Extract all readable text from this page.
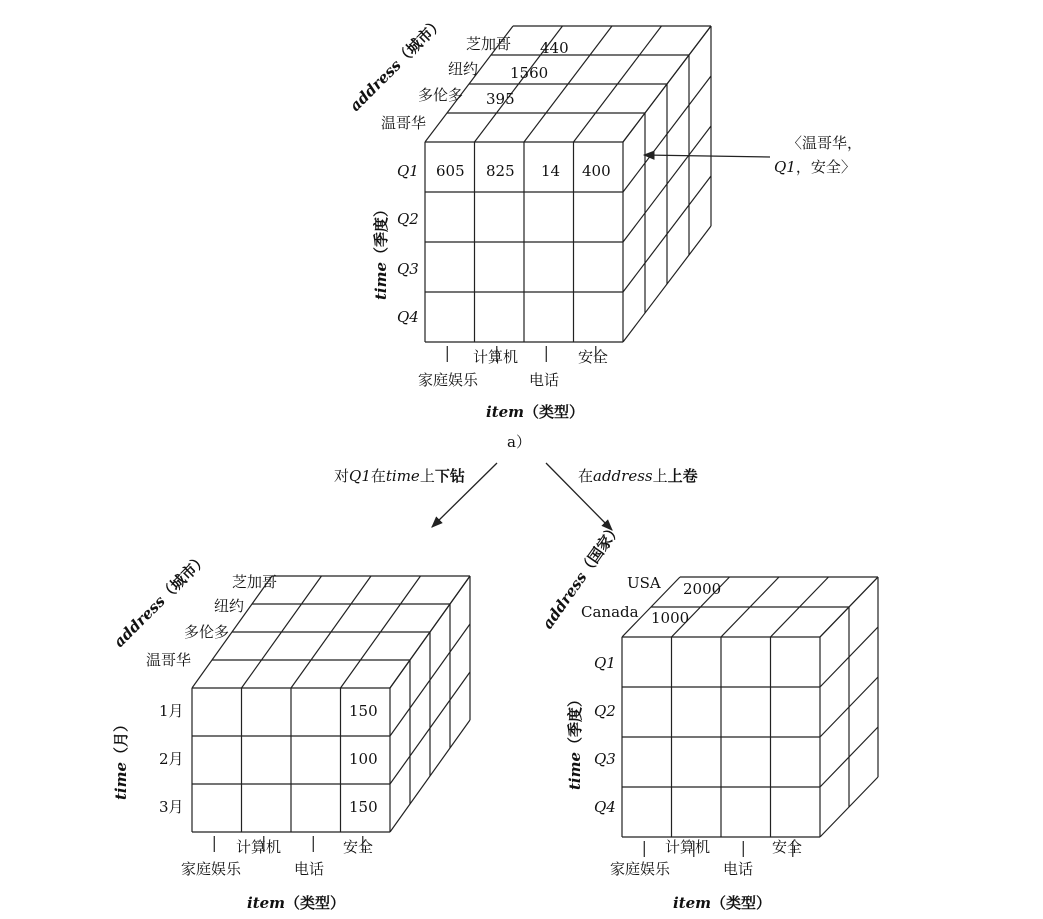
芝加哥
纽约
多伦多
温哥华
440
1560
395
Q1
Q2
Q3
Q4
605 825 14 400
计算机	安全
家庭娱乐	电话
item（类型）
time（季度）
address（城市）
a）
〈温哥华，
Q1，安全〉
对Q1在time上下钻	在address上上卷
芝加哥
纽约
多伦多
温哥华
1月
2月
3月
150
100
150
计算机	安全
家庭娱乐	电话
item（类型）
time（月）
address（城市）	USA
Canada
2000
1000
Q1
Q2
Q3
Q4
计算机	安全
家庭娱乐	电话
item（类型）
time（季度）
address（国家）
